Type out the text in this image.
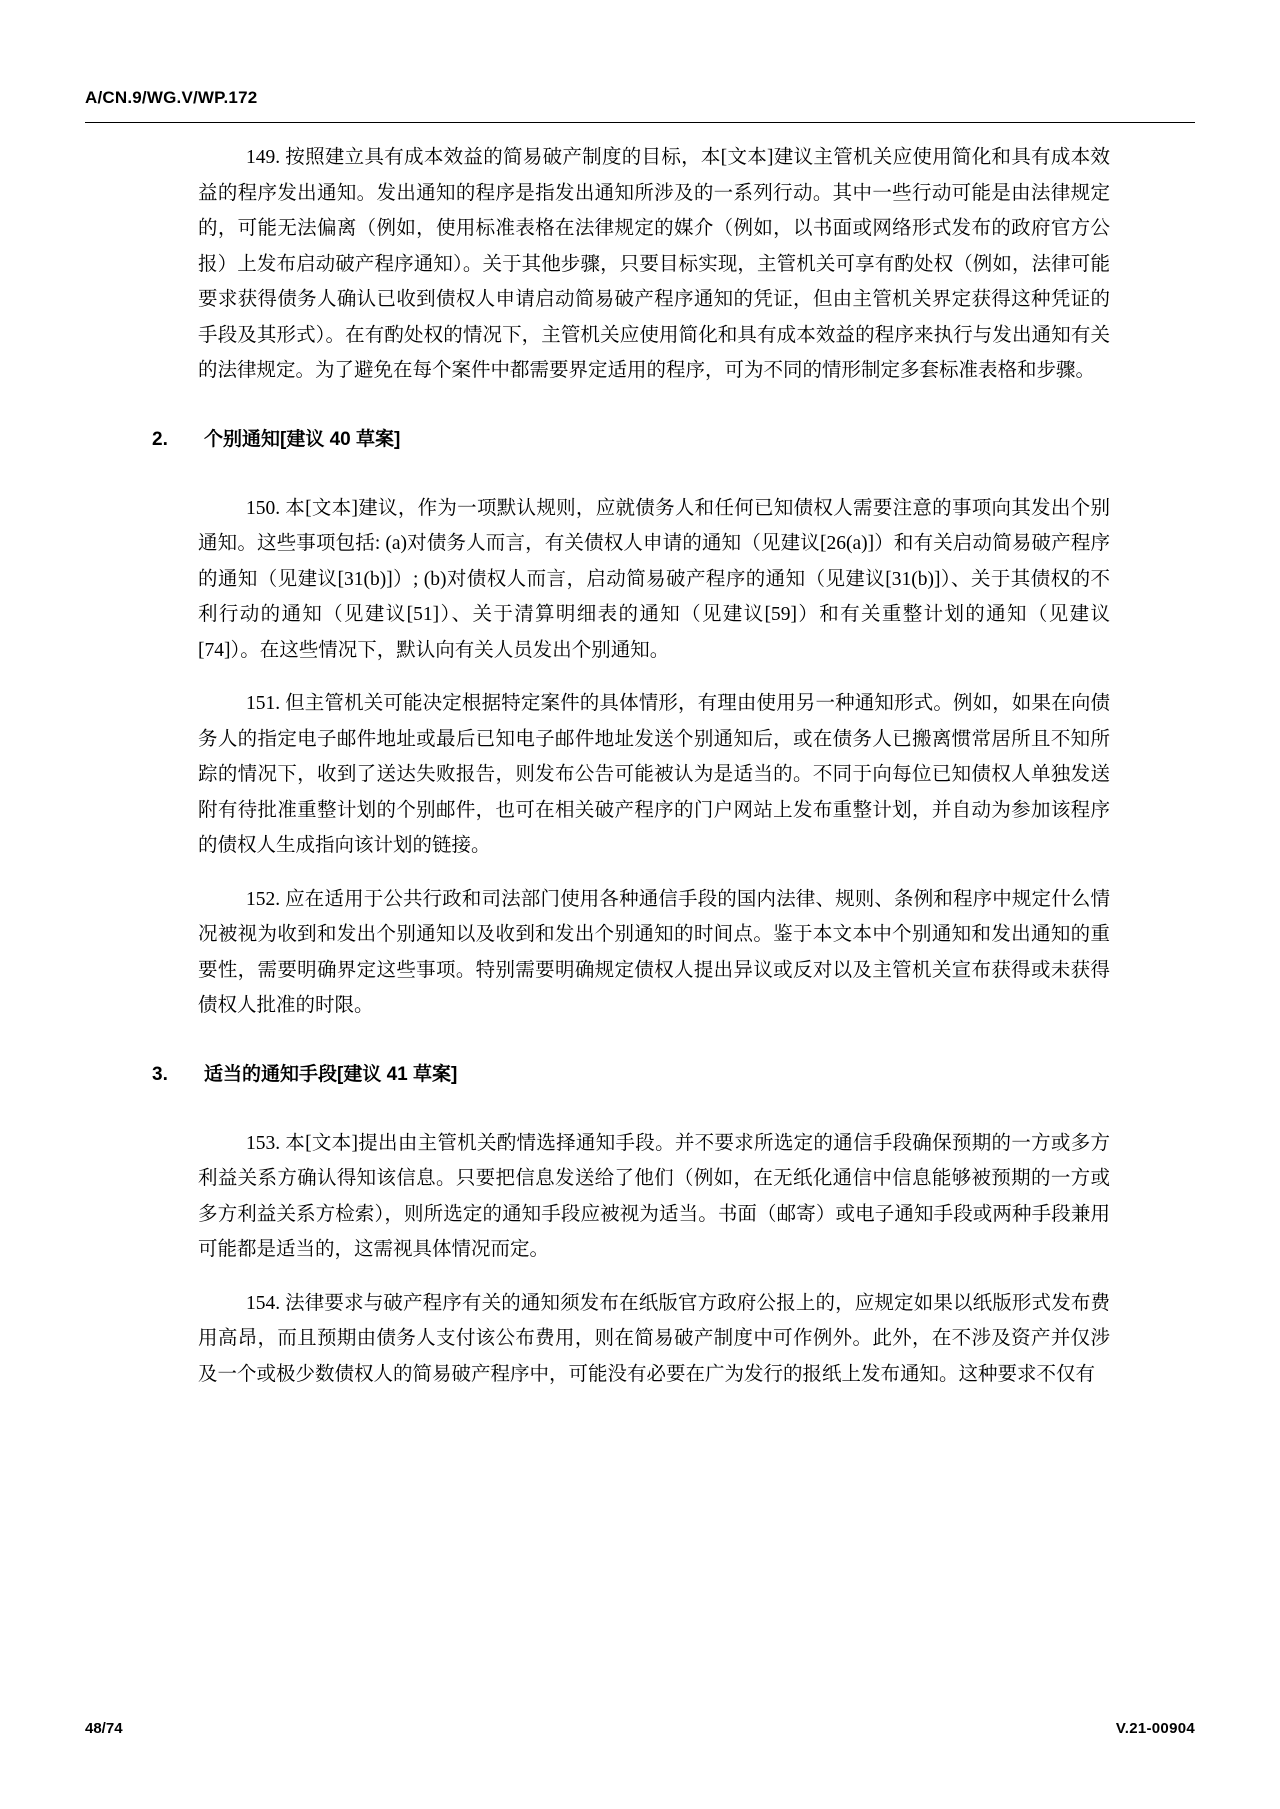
A/CN.9/WG.V/WP.172

149. 按照建立具有成本效益的简易破产制度的目标，本[文本]建议主管机关应使用简化和具有成本效益的程序发出通知。发出通知的程序是指发出通知所涉及的一系列行动。其中一些行动可能是由法律规定的，可能无法偏离（例如，使用标准表格在法律规定的媒介（例如，以书面或网络形式发布的政府官方公报）上发布启动破产程序通知）。关于其他步骤，只要目标实现，主管机关可享有酌处权（例如，法律可能要求获得债务人确认已收到债权人申请启动简易破产程序通知的凭证，但由主管机关界定获得这种凭证的手段及其形式）。在有酌处权的情况下，主管机关应使用简化和具有成本效益的程序来执行与发出通知有关的法律规定。为了避免在每个案件中都需要界定适用的程序，可为不同的情形制定多套标准表格和步骤。

2.	个别通知[建议 40 草案]

150. 本[文本]建议，作为一项默认规则，应就债务人和任何已知债权人需要注意的事项向其发出个别通知。这些事项包括: (a)对债务人而言，有关债权人申请的通知（见建议[26(a)]）和有关启动简易破产程序的通知（见建议[31(b)]）; (b)对债权人而言，启动简易破产程序的通知（见建议[31(b)]）、关于其债权的不利行动的通知（见建议[51]）、关于清算明细表的通知（见建议[59]）和有关重整计划的通知（见建议[74]）。在这些情况下，默认向有关人员发出个别通知。

151. 但主管机关可能决定根据特定案件的具体情形，有理由使用另一种通知形式。例如，如果在向债务人的指定电子邮件地址或最后已知电子邮件地址发送个别通知后，或在债务人已搬离惯常居所且不知所踪的情况下，收到了送达失败报告，则发布公告可能被认为是适当的。不同于向每位已知债权人单独发送附有待批准重整计划的个别邮件，也可在相关破产程序的门户网站上发布重整计划，并自动为参加该程序的债权人生成指向该计划的链接。

152. 应在适用于公共行政和司法部门使用各种通信手段的国内法律、规则、条例和程序中规定什么情况被视为收到和发出个别通知以及收到和发出个别通知的时间点。鉴于本文本中个别通知和发出通知的重要性，需要明确界定这些事项。特别需要明确规定债权人提出异议或反对以及主管机关宣布获得或未获得债权人批准的时限。

3.	适当的通知手段[建议 41 草案]

153. 本[文本]提出由主管机关酌情选择通知手段。并不要求所选定的通信手段确保预期的一方或多方利益关系方确认得知该信息。只要把信息发送给了他们（例如，在无纸化通信中信息能够被预期的一方或多方利益关系方检索），则所选定的通知手段应被视为适当。书面（邮寄）或电子通知手段或两种手段兼用可能都是适当的，这需视具体情况而定。

154. 法律要求与破产程序有关的通知须发布在纸版官方政府公报上的，应规定如果以纸版形式发布费用高昂，而且预期由债务人支付该公布费用，则在简易破产制度中可作例外。此外，在不涉及资产并仅涉及一个或极少数债权人的简易破产程序中，可能没有必要在广为发行的报纸上发布通知。这种要求不仅有

48/74	V.21-00904
